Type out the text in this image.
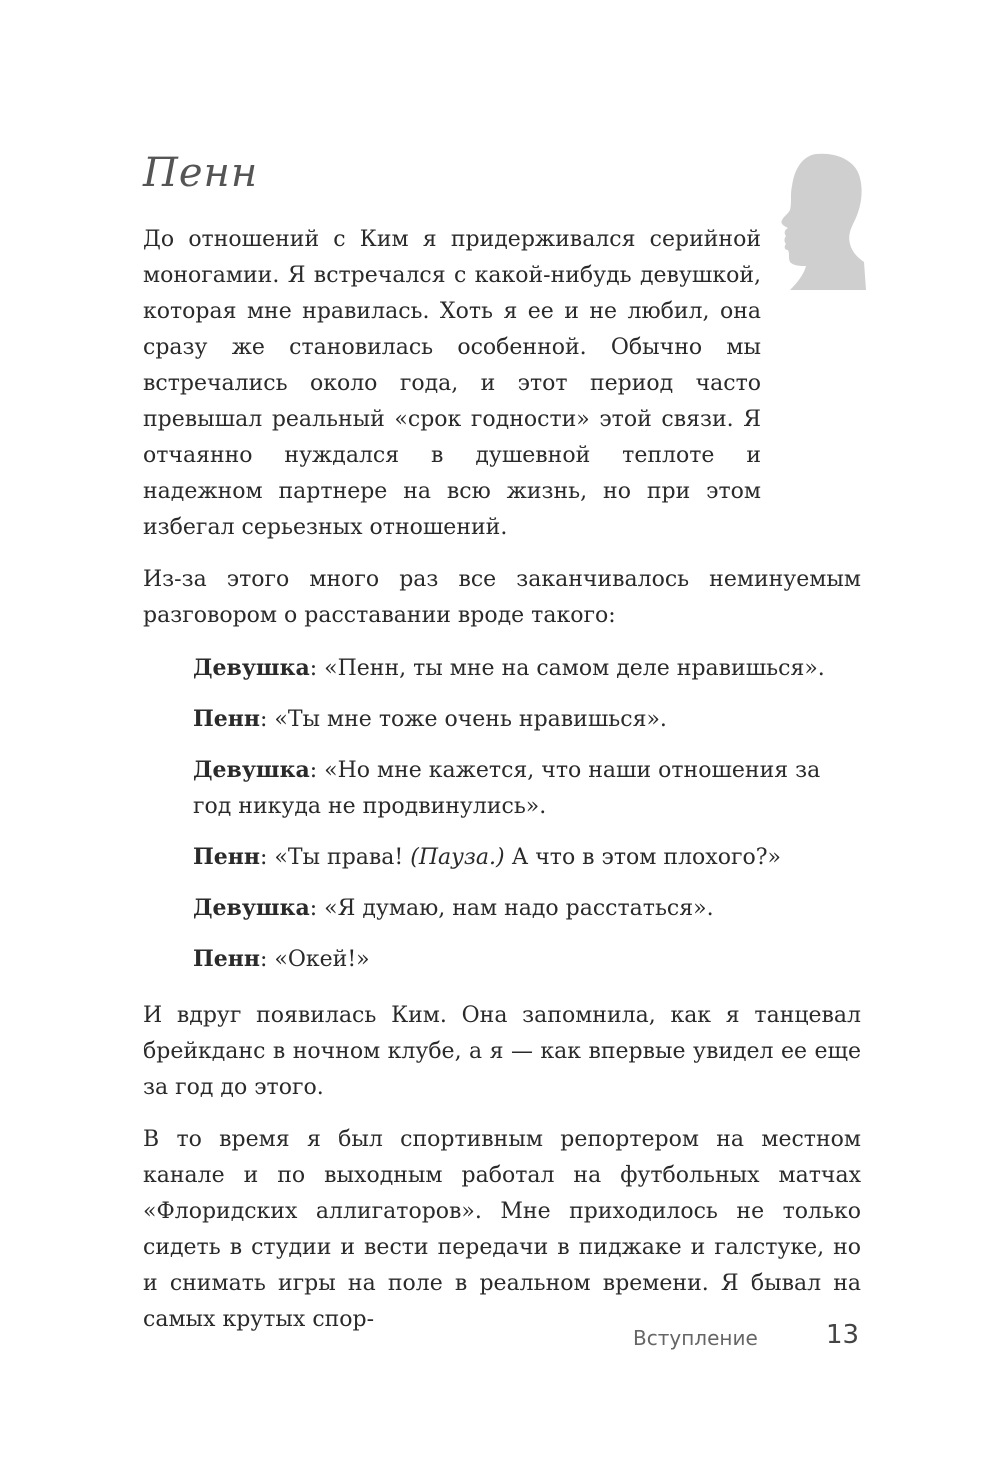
Пенн

До отношений с Ким я придерживался серийной моногамии. Я встречался с какой-нибудь девушкой, которая мне нравилась. Хоть я ее и не любил, она сразу же становилась особенной. Обычно мы встречались около года, и этот период часто превышал реальный «срок годности» этой связи. Я отчаянно нуждался в душевной теплоте и надежном партнере на всю жизнь, но при этом избегал серьезных отношений.

Из-за этого много раз все заканчивалось неминуемым разговором о расставании вроде такого:

Девушка: «Пенн, ты мне на самом деле нравишься».

Пенн: «Ты мне тоже очень нравишься».

Девушка: «Но мне кажется, что наши отношения за год никуда не продвинулись».

Пенн: «Ты права! (Пауза.) А что в этом плохого?»

Девушка: «Я думаю, нам надо расстаться».

Пенн: «Окей!»

И вдруг появилась Ким. Она запомнила, как я танцевал брейкданс в ночном клубе, а я — как впервые увидел ее еще за год до этого.

В то время я был спортивным репортером на местном канале и по выходным работал на футбольных матчах «Флоридских аллигаторов». Мне приходилось не только сидеть в студии и вести передачи в пиджаке и галстуке, но и снимать игры на поле в реальном времени. Я бывал на самых крутых спор-

Вступление	13
